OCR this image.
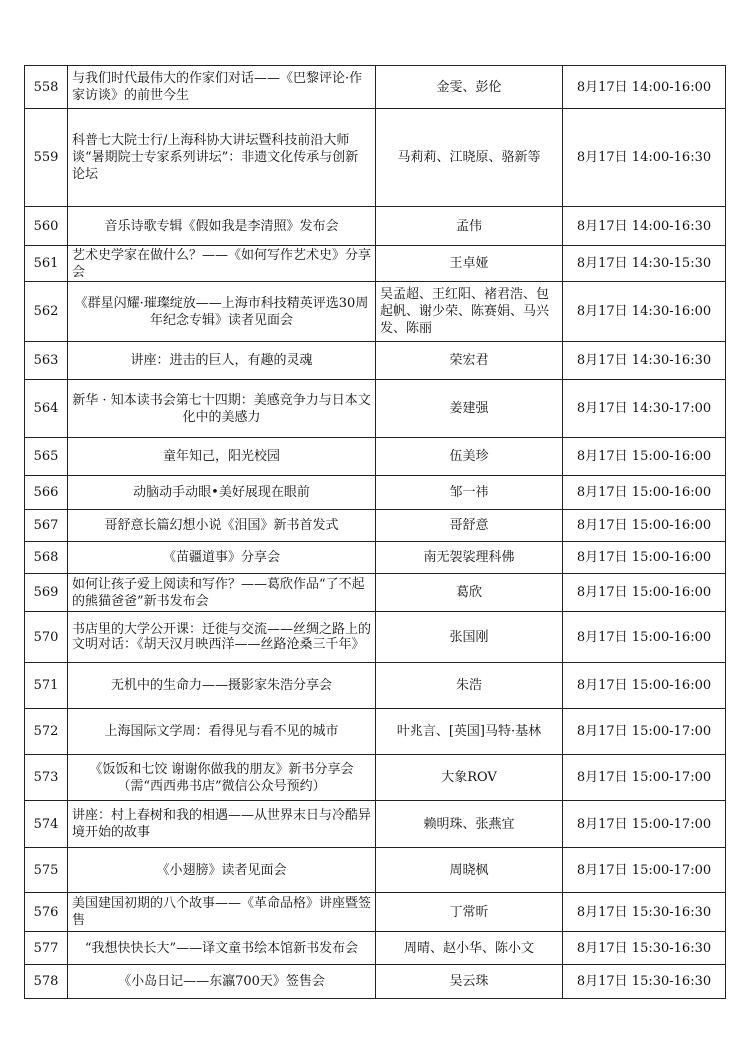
558	与我们时代最伟大的作家们对话——《巴黎评论·作家访谈》的前世今生	金雯、彭伦	8月17日 14:00-16:00
559	科普七大院士行/上海科协大讲坛暨科技前沿大师谈“暑期院士专家系列讲坛”：非遗文化传承与创新论坛	马莉莉、江晓原、骆新等	8月17日 14:00-16:30
560	音乐诗歌专辑《假如我是李清照》发布会	孟伟	8月17日 14:00-16:30
561	艺术史学家在做什么？——《如何写作艺术史》分享会	王卓娅	8月17日 14:30-15:30
562	《群星闪耀·璀璨绽放——上海市科技精英评选30周年纪念专辑》读者见面会	吴孟超、王红阳、褚君浩、包起帆、谢少荣、陈赛娟、马兴发、陈丽	8月17日 14:30-16:00
563	讲座：进击的巨人，有趣的灵魂	荣宏君	8月17日 14:30-16:30
564	新华 · 知本读书会第七十四期：美感竞争力与日本文化中的美感力	姜建强	8月17日 14:30-17:00
565	童年知己，阳光校园	伍美珍	8月17日 15:00-16:00
566	动脑动手动眼•美好展现在眼前	邹一祎	8月17日 15:00-16:00
567	哥舒意长篇幻想小说《泪国》新书首发式	哥舒意	8月17日 15:00-16:00
568	《苗疆道事》分享会	南无袈裟理科佛	8月17日 15:00-16:00
569	如何让孩子爱上阅读和写作？——葛欣作品“了不起的熊猫爸爸”新书发布会	葛欣	8月17日 15:00-16:00
570	书店里的大学公开课：迁徙与交流——丝绸之路上的文明对话：《胡天汉月映西洋——丝路沧桑三千年》	张国刚	8月17日 15:00-16:00
571	无机中的生命力——摄影家朱浩分享会	朱浩	8月17日 15:00-16:00
572	上海国际文学周：看得见与看不见的城市	叶兆言、[英国]马特·基林	8月17日 15:00-17:00
573	《饭饭和七饺 谢谢你做我的朋友》新书分享会（需“西西弗书店”微信公众号预约）	大象ROV	8月17日 15:00-17:00
574	讲座：村上春树和我的相遇——从世界末日与冷酷异境开始的故事	赖明珠、张燕宜	8月17日 15:00-17:00
575	《小翅膀》读者见面会	周晓枫	8月17日 15:00-17:00
576	美国建国初期的八个故事——《革命品格》讲座暨签售	丁常昕	8月17日 15:30-16:30
577	“我想快快长大”——译文童书绘本馆新书发布会	周晴、赵小华、陈小文	8月17日 15:30-16:30
578	《小岛日记——东瀛700天》签售会	吴云珠	8月17日 15:30-16:30
